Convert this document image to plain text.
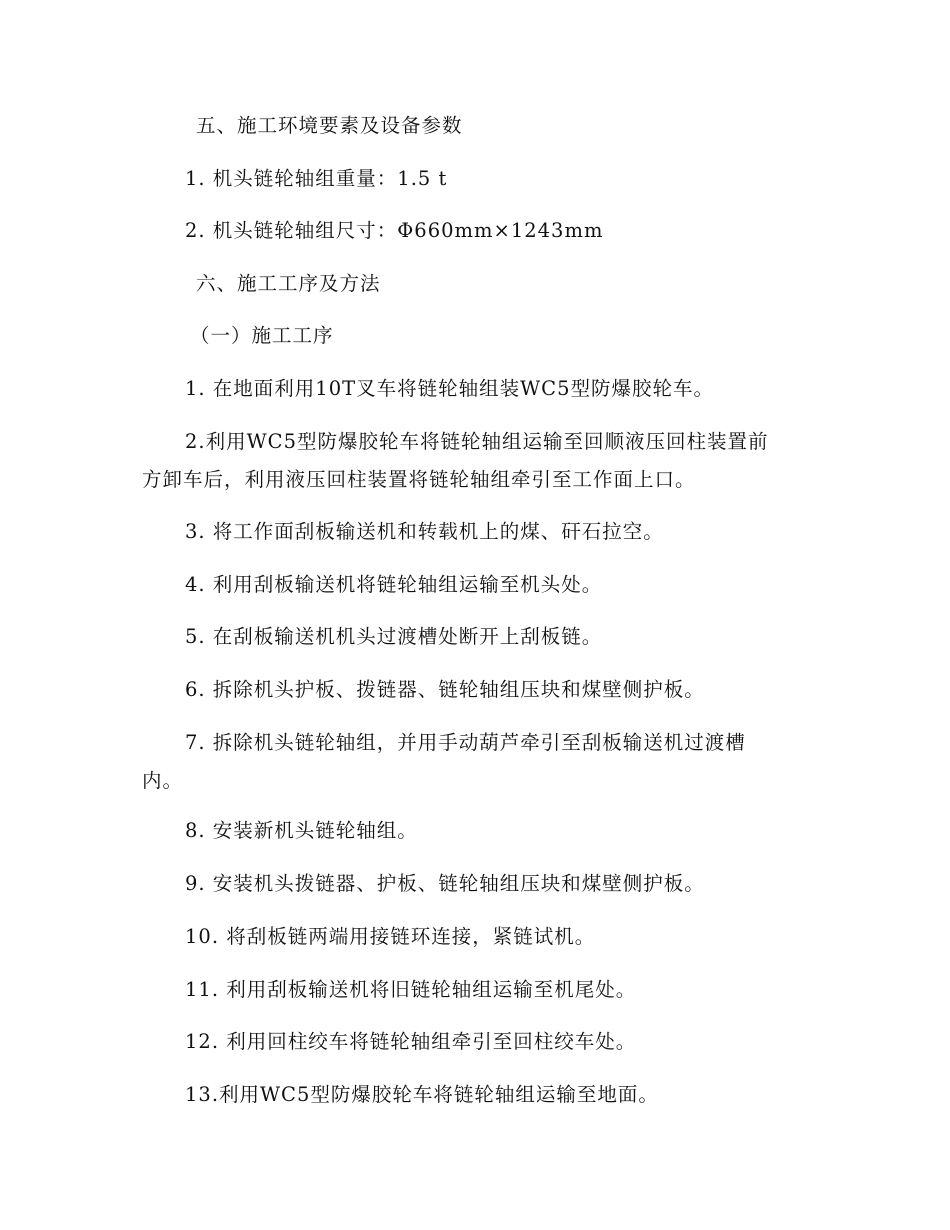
五、施工环境要素及设备参数
1. 机头链轮轴组重量：1.5 t
2. 机头链轮轴组尺寸：Φ660mm×1243mm
六、施工工序及方法
（一）施工工序
1. 在地面利用10T叉车将链轮轴组装WC5型防爆胶轮车。
2.利用WC5型防爆胶轮车将链轮轴组运输至回顺液压回柱装置前
方卸车后，利用液压回柱装置将链轮轴组牵引至工作面上口。
3. 将工作面刮板输送机和转载机上的煤、矸石拉空。
4. 利用刮板输送机将链轮轴组运输至机头处。
5. 在刮板输送机机头过渡槽处断开上刮板链。
6. 拆除机头护板、拨链器、链轮轴组压块和煤壁侧护板。
7. 拆除机头链轮轴组，并用手动葫芦牵引至刮板输送机过渡槽
内。
8. 安装新机头链轮轴组。
9. 安装机头拨链器、护板、链轮轴组压块和煤壁侧护板。
10. 将刮板链两端用接链环连接，紧链试机。
11. 利用刮板输送机将旧链轮轴组运输至机尾处。
12. 利用回柱绞车将链轮轴组牵引至回柱绞车处。
13.利用WC5型防爆胶轮车将链轮轴组运输至地面。
